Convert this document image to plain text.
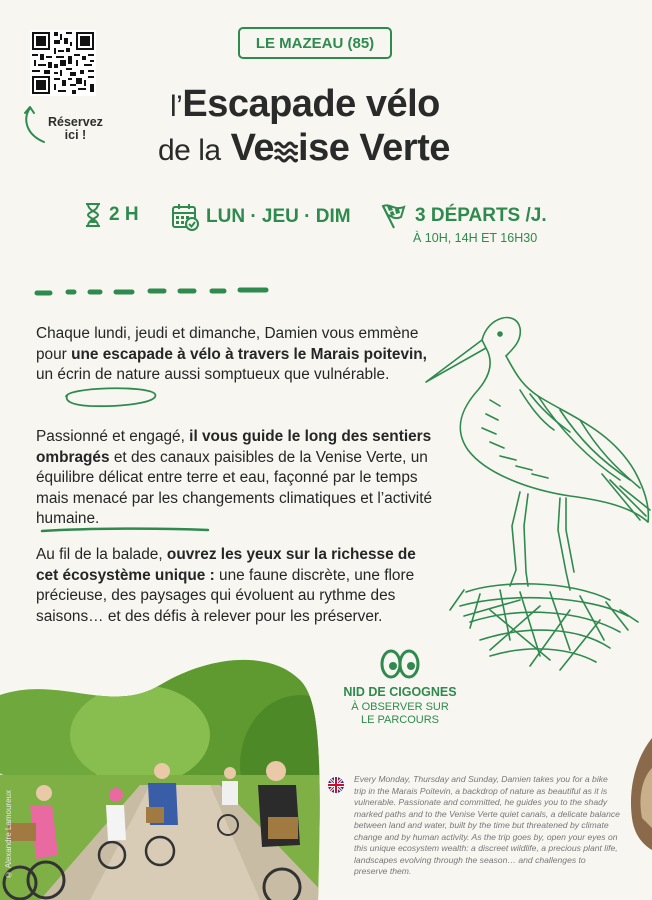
Réservez
ici !
LE MAZEAU (85)
l’Escapade vélo
de la Ve ise Verte
2 H	LUN · JEU · DIM	3 DÉPARTS /J.
À 10H, 14H ET 16H30
Chaque lundi, jeudi et dimanche, Damien vous emmène pour une escapade à vélo à travers le Marais poitevin, un écrin de nature aussi somptueux que vulnérable.
Passionné et engagé, il vous guide le long des sentiers ombragés et des canaux paisibles de la Venise Verte, un équilibre délicat entre terre et eau, façonné par le temps mais menacé par les changements climatiques et l’activité humaine.
Au fil de la balade, ouvrez les yeux sur la richesse de cet écosystème unique : une faune discrète, une flore précieuse, des paysages qui évoluent au rythme des saisons… et des défis à relever pour les préserver.
NID DE CIGOGNES
À OBSERVER SUR
LE PARCOURS
© Alexandre Lamoureux
Every Monday, Thursday and Sunday, Damien takes you for a bike trip in the Marais Poitevin, a backdrop of nature as beautiful as it is vulnerable. Passionate and committed, he guides you to the shady marked paths and to the Venise Verte quiet canals, a delicate balance between land and water, built by the time but threatened by climate change and by human activity. As the trip goes by, open your eyes on this unique ecosystem wealth: a discreet wildlife, a precious plant life, landscapes evolving through the season… and challenges to preserve them.
